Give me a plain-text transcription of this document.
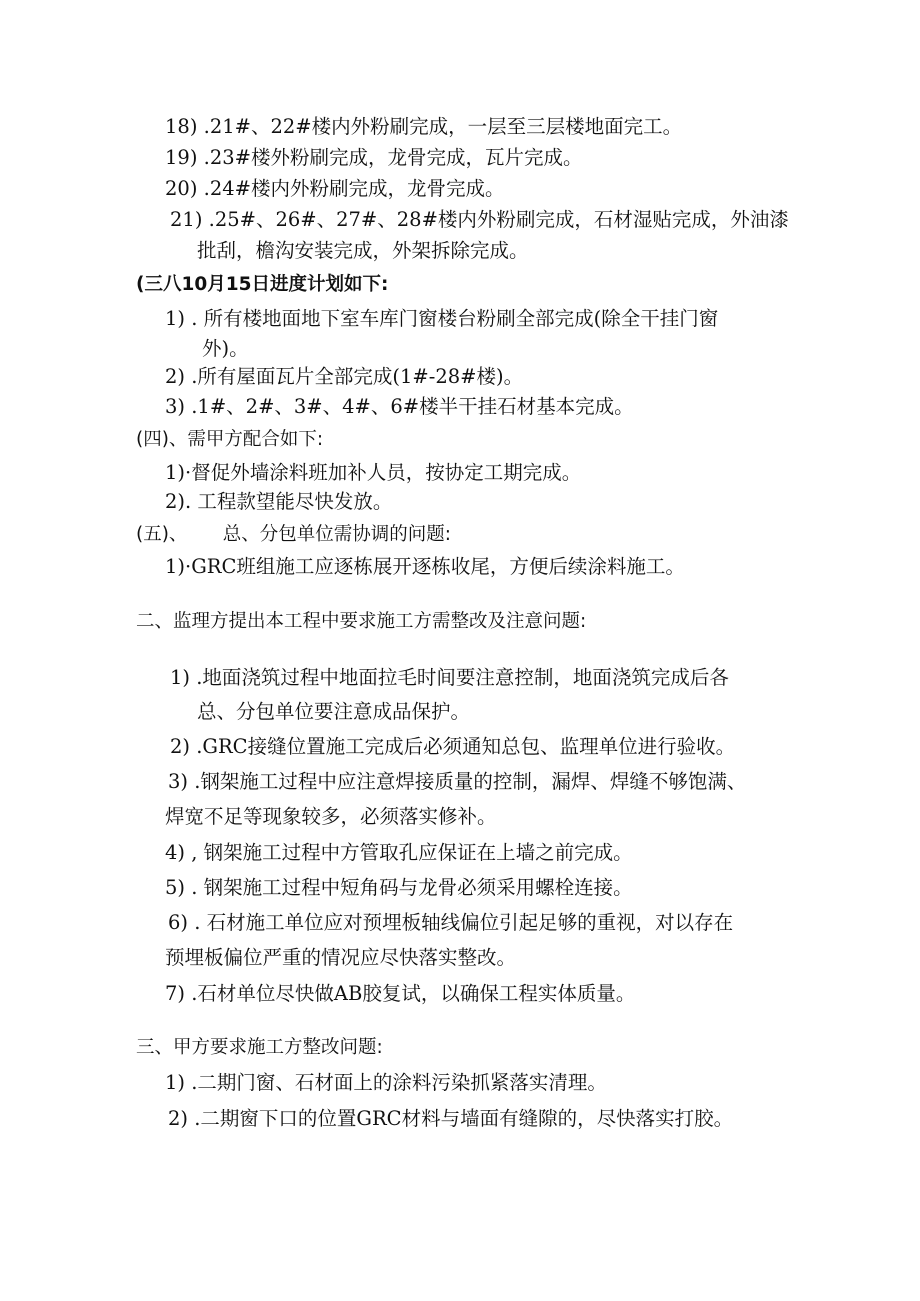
18) .21#、22#楼内外粉刷完成，一层至三层楼地面完工。
19) .23#楼外粉刷完成，龙骨完成，瓦片完成。
20) .24#楼内外粉刷完成，龙骨完成。
21) .25#、26#、27#、28#楼内外粉刷完成，石材湿贴完成，外油漆
批刮，檐沟安装完成，外架拆除完成。
(三八10月15日进度计划如下:
1) . 所有楼地面地下室车库门窗楼台粉刷全部完成(除全干挂门窗
外)。
2) .所有屋面瓦片全部完成(1#-28#楼)。
3) .1#、2#、3#、4#、6#楼半干挂石材基本完成。
(四)、需甲方配合如下:
1)·督促外墙涂料班加补人员，按协定工期完成。
2). 工程款望能尽快发放。
(五)、      总、分包单位需协调的问题:
1)·GRC班组施工应逐栋展开逐栋收尾，方便后续涂料施工。
二、监理方提出本工程中要求施工方需整改及注意问题:
1) .地面浇筑过程中地面拉毛时间要注意控制，地面浇筑完成后各
总、分包单位要注意成品保护。
2) .GRC接缝位置施工完成后必须通知总包、监理单位进行验收。
3) .钢架施工过程中应注意焊接质量的控制，漏焊、焊缝不够饱满、
焊宽不足等现象较多，必须落实修补。
4) , 钢架施工过程中方管取孔应保证在上墙之前完成。
5) . 钢架施工过程中短角码与龙骨必须采用螺栓连接。
6) . 石材施工单位应对预埋板轴线偏位引起足够的重视，对以存在
预埋板偏位严重的情况应尽快落实整改。
7) .石材单位尽快做AB胶复试，以确保工程实体质量。
三、甲方要求施工方整改问题:
1) .二期门窗、石材面上的涂料污染抓紧落实清理。
2) .二期窗下口的位置GRC材料与墙面有缝隙的，尽快落实打胶。
